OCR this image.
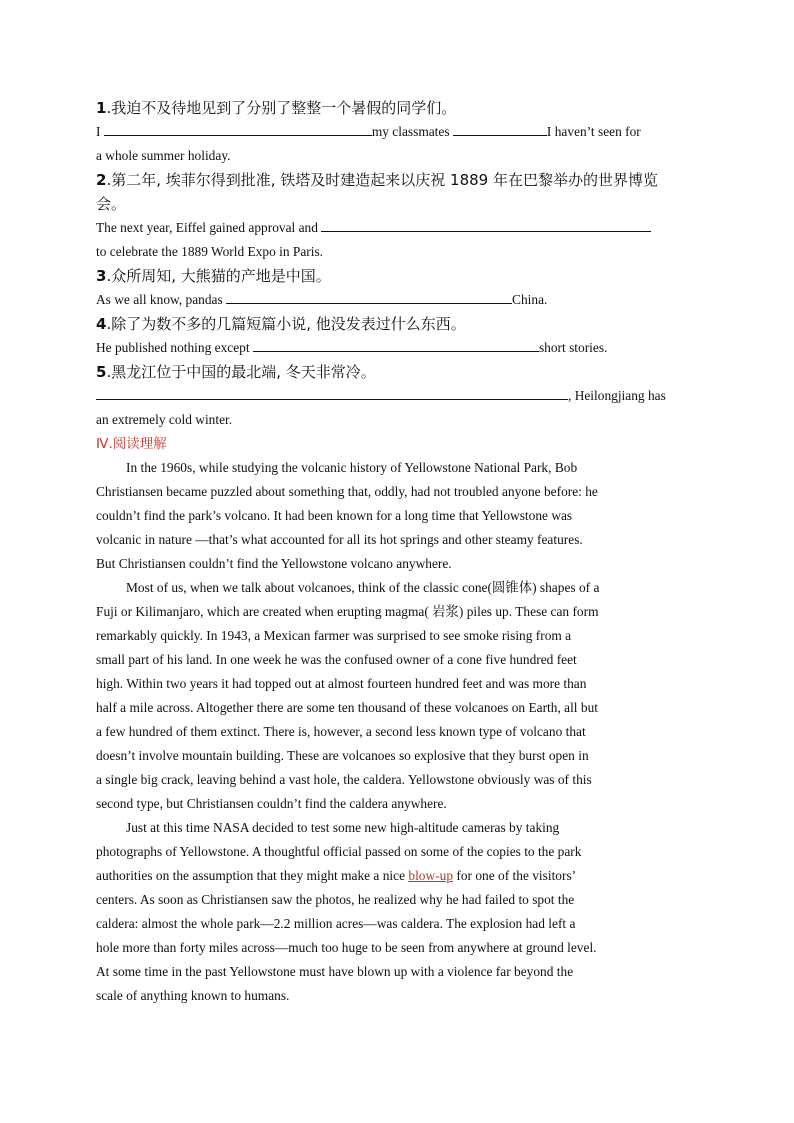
1.我迫不及待地见到了分别了整整一个暑假的同学们。
I	my classmates	I haven’t seen for
a whole summer holiday.
2.第二年, 埃菲尔得到批准, 铁塔及时建造起来以庆祝 1889 年在巴黎举办的世界博览
会。
The next year, Eiffel gained approval and
to celebrate the 1889 World Expo in Paris.
3.众所周知, 大熊猫的产地是中国。
As we all know, pandas	China.
4.除了为数不多的几篇短篇小说, 他没发表过什么东西。
He published nothing except	short stories.
5.黑龙江位于中国的最北端, 冬天非常冷。
, Heilongjiang has
an extremely cold winter.
Ⅳ.阅读理解
In the 1960s, while studying the volcanic history of Yellowstone National Park, Bob
Christiansen became puzzled about something that, oddly, had not troubled anyone before: he
couldn’t find the park’s volcano. It had been known for a long time that Yellowstone was
volcanic in nature —that’s what accounted for all its hot springs and other steamy features.
But Christiansen couldn’t find the Yellowstone volcano anywhere.
Most of us, when we talk about volcanoes, think of the classic cone(圆锥体) shapes of a
Fuji or Kilimanjaro, which are created when erupting magma( 岩浆) piles up. These can form
remarkably quickly. In 1943, a Mexican farmer was surprised to see smoke rising from a
small part of his land. In one week he was the confused owner of a cone five hundred feet
high. Within two years it had topped out at almost fourteen hundred feet and was more than
half a mile across. Altogether there are some ten thousand of these volcanoes on Earth, all but
a few hundred of them extinct. There is, however, a second less known type of volcano that
doesn’t involve mountain building. These are volcanoes so explosive that they burst open in
a single big crack, leaving behind a vast hole, the caldera. Yellowstone obviously was of this
second type, but Christiansen couldn’t find the caldera anywhere.
Just at this time NASA decided to test some new high-altitude cameras by taking
photographs of Yellowstone. A thoughtful official passed on some of the copies to the park
authorities on the assumption that they might make a nice blow-up for one of the visitors’
centers. As soon as Christiansen saw the photos, he realized why he had failed to spot the
caldera: almost the whole park—2.2 million acres—was caldera. The explosion had left a
hole more than forty miles across—much too huge to be seen from anywhere at ground level.
At some time in the past Yellowstone must have blown up with a violence far beyond the
scale of anything known to humans.
